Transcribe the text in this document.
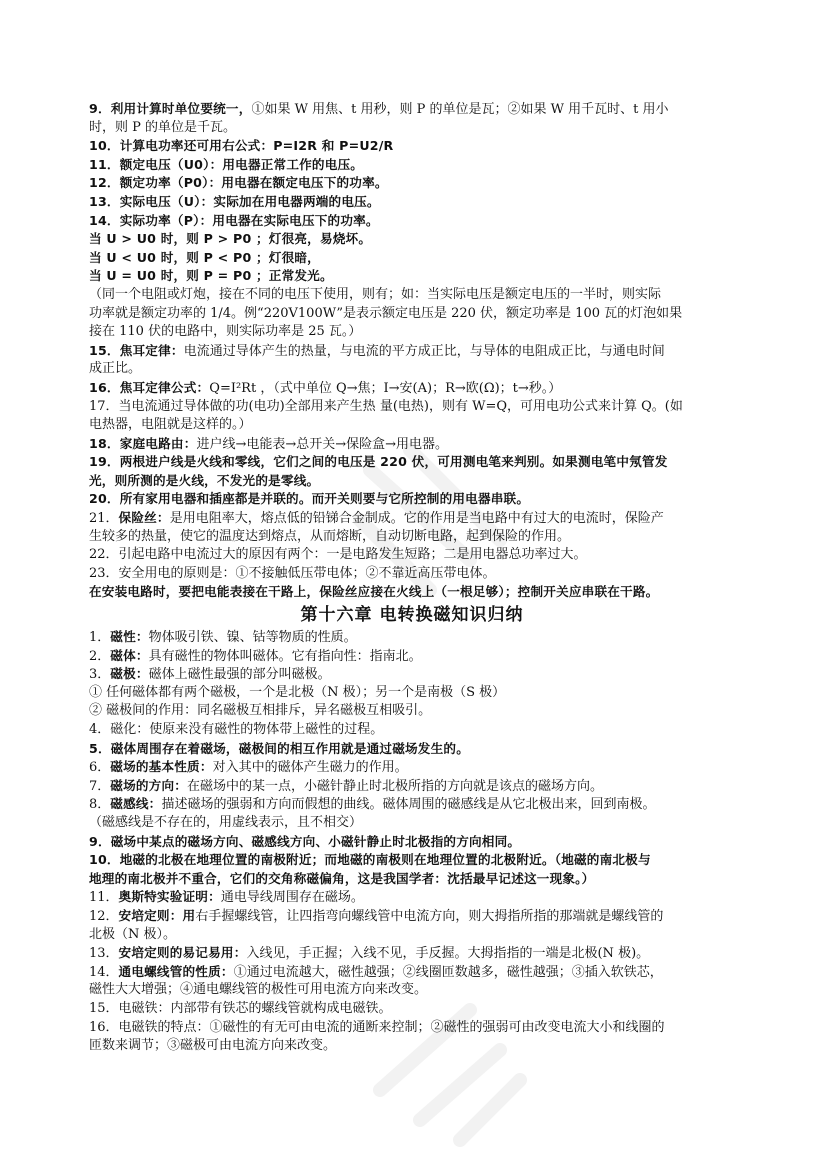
9．利用计算时单位要统一，①如果 W 用焦、t 用秒，则 P 的单位是瓦；②如果 W 用千瓦时、t 用小
时，则 P 的单位是千瓦。
10．计算电功率还可用右公式：P=I2R 和 P=U2/R
11．额定电压（U0）：用电器正常工作的电压。
12．额定功率（P0）：用电器在额定电压下的功率。
13．实际电压（U）：实际加在用电器两端的电压。
14．实际功率（P）：用电器在实际电压下的功率。
当 U > U0 时，则 P > P0 ；灯很亮，易烧坏。
当 U < U0 时，则 P < P0 ；灯很暗，
当 U = U0 时，则 P = P0 ；正常发光。
（同一个电阻或灯炮，接在不同的电压下使用，则有；如：当实际电压是额定电压的一半时，则实际
功率就是额定功率的 1/4。例“220V100W”是表示额定电压是 220 伏，额定功率是 100 瓦的灯泡如果
接在 110 伏的电路中，则实际功率是 25 瓦。）
15．焦耳定律：电流通过导体产生的热量，与电流的平方成正比，与导体的电阻成正比，与通电时间
成正比。
16．焦耳定律公式：Q=I²Rt ，（式中单位 Q→焦；I→安(A)；R→欧(Ω)；t→秒。）
17．当电流通过导体做的功(电功)全部用来产生热 量(电热)，则有 W=Q，可用电功公式来计算 Q。(如
电热器，电阻就是这样的。）
18．家庭电路由：进户线→电能表→总开关→保险盒→用电器。
19．两根进户线是火线和零线，它们之间的电压是 220 伏，可用测电笔来判别。如果测电笔中氖管发
光，则所测的是火线，不发光的是零线。
20．所有家用电器和插座都是并联的。而开关则要与它所控制的用电器串联。
21．保险丝：是用电阻率大，熔点低的铅锑合金制成。它的作用是当电路中有过大的电流时，保险产
生较多的热量，使它的温度达到熔点，从而熔断，自动切断电路，起到保险的作用。
22．引起电路中电流过大的原因有两个：一是电路发生短路；二是用电器总功率过大。
23．安全用电的原则是：①不接触低压带电体；②不靠近高压带电体。
在安装电路时，要把电能表接在干路上，保险丝应接在火线上（一根足够）；控制开关应串联在干路。
第十六章 电转换磁知识归纳
1．磁性：物体吸引铁、镍、钴等物质的性质。
2．磁体：具有磁性的物体叫磁体。它有指向性：指南北。
3．磁极：磁体上磁性最强的部分叫磁极。
① 任何磁体都有两个磁极，一个是北极（N 极）；另一个是南极（S 极）
② 磁极间的作用：同名磁极互相排斥，异名磁极互相吸引。
4．磁化：使原来没有磁性的物体带上磁性的过程。
5．磁体周围存在着磁场，磁极间的相互作用就是通过磁场发生的。
6．磁场的基本性质：对入其中的磁体产生磁力的作用。
7．磁场的方向：在磁场中的某一点，小磁针静止时北极所指的方向就是该点的磁场方向。
8．磁感线：描述磁场的强弱和方向而假想的曲线。磁体周围的磁感线是从它北极出来，回到南极。
（磁感线是不存在的，用虚线表示，且不相交）
9．磁场中某点的磁场方向、磁感线方向、小磁针静止时北极指的方向相同。
10．地磁的北极在地理位置的南极附近；而地磁的南极则在地理位置的北极附近。（地磁的南北极与
地理的南北极并不重合，它们的交角称磁偏角，这是我国学者：沈括最早记述这一现象。）
11．奥斯特实验证明：通电导线周围存在磁场。
12．安培定则：用右手握螺线管，让四指弯向螺线管中电流方向，则大拇指所指的那端就是螺线管的
北极（N 极）。
13．安培定则的易记易用：入线见，手正握；入线不见，手反握。大拇指指的一端是北极(N 极)。
14．通电螺线管的性质：①通过电流越大，磁性越强；②线圈匝数越多，磁性越强；③插入软铁芯，
磁性大大增强；④通电螺线管的极性可用电流方向来改变。
15．电磁铁：内部带有铁芯的螺线管就构成电磁铁。
16．电磁铁的特点：①磁性的有无可由电流的通断来控制；②磁性的强弱可由改变电流大小和线圈的
匝数来调节；③磁极可由电流方向来改变。
